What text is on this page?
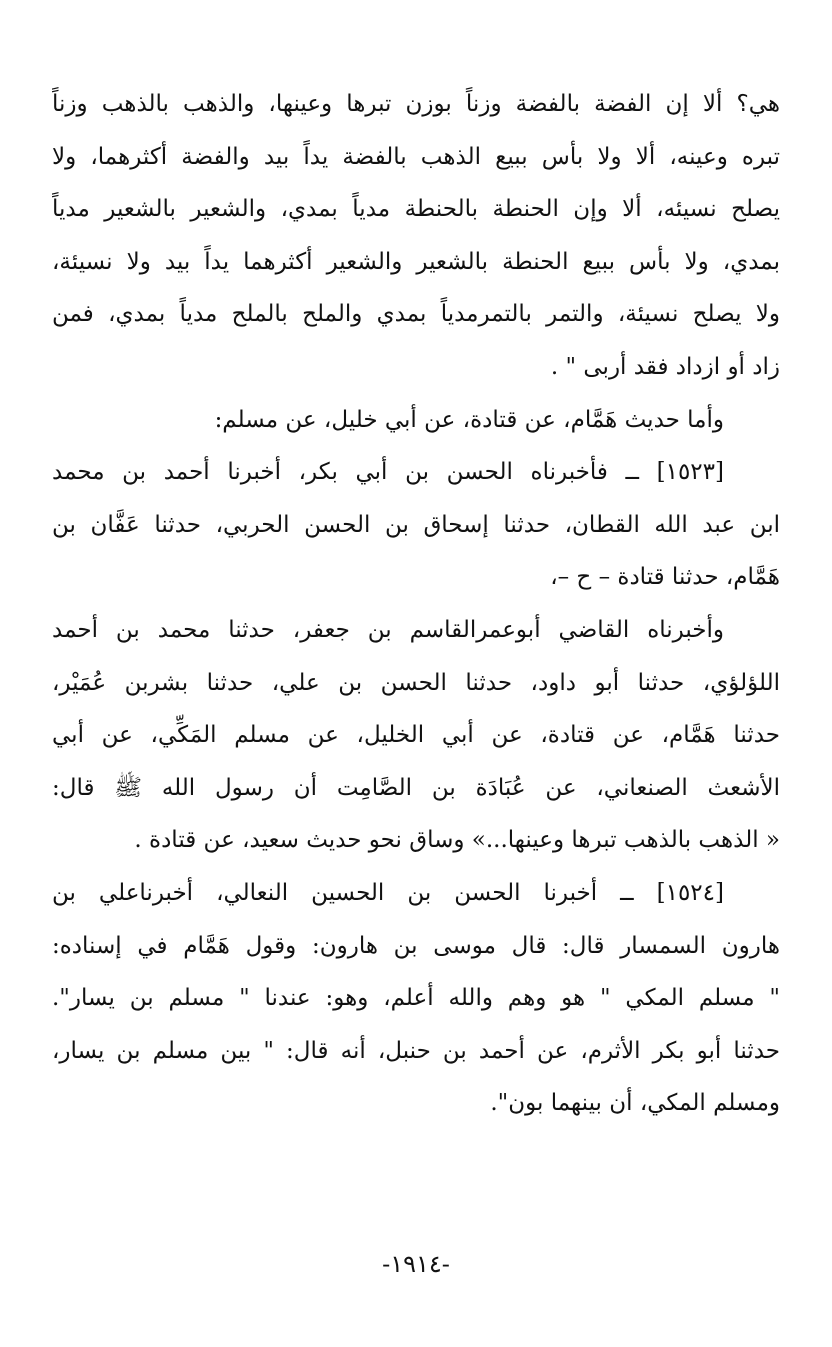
هي؟ ألا إن الفضة بالفضة وزناً بوزن تبرها وعينها، والذهب بالذهب وزناً
تبره وعينه، ألا ولا بأس ببيع الذهب بالفضة يداً بيد والفضة أكثرهما، ولا
يصلح نسيئه، ألا وإن الحنطة بالحنطة مدياً بمدي، والشعير بالشعير مدياً
بمدي، ولا بأس ببيع الحنطة بالشعير والشعير أكثرهما يداً بيد ولا نسيئة،
ولا يصلح نسيئة، والتمر بالتمرمدياً بمدي والملح بالملح مدياً بمدي، فمن
زاد أو ازداد فقد أربى " .
وأما حديث هَمَّام، عن قتادة، عن أبي خليل، عن مسلم:
[١٥٢٣] ــ فأخبرناه الحسن بن أبي بكر، أخبرنا أحمد بن محمد
ابن عبد الله القطان، حدثنا إسحاق بن الحسن الحربي، حدثنا عَفَّان بن
هَمَّام، حدثنا قتادة – ح –،
وأخبرناه القاضي أبوعمرالقاسم بن جعفر، حدثنا محمد بن أحمد
اللؤلؤي، حدثنا أبو داود، حدثنا الحسن بن علي، حدثنا بشربن عُمَيْر،
حدثنا هَمَّام، عن قتادة، عن أبي الخليل، عن مسلم المَكِّي، عن أبي
الأشعث الصنعاني، عن عُبَادَة بن الصَّامِت أن رسول الله ﷺ قال:
« الذهب بالذهب تبرها وعينها...» وساق نحو حديث سعيد، عن قتادة .
[١٥٢٤] ــ أخبرنا الحسن بن الحسين النعالي، أخبرناعلي بن
هارون السمسار قال: قال موسى بن هارون: وقول هَمَّام في إسناده:
" مسلم المكي " هو وهم والله أعلم، وهو: عندنا " مسلم بن يسار".
حدثنا أبو بكر الأثرم، عن أحمد بن حنبل، أنه قال: " بين مسلم بن يسار،
ومسلم المكي، أن بينهما بون".
-١٩١٤-
